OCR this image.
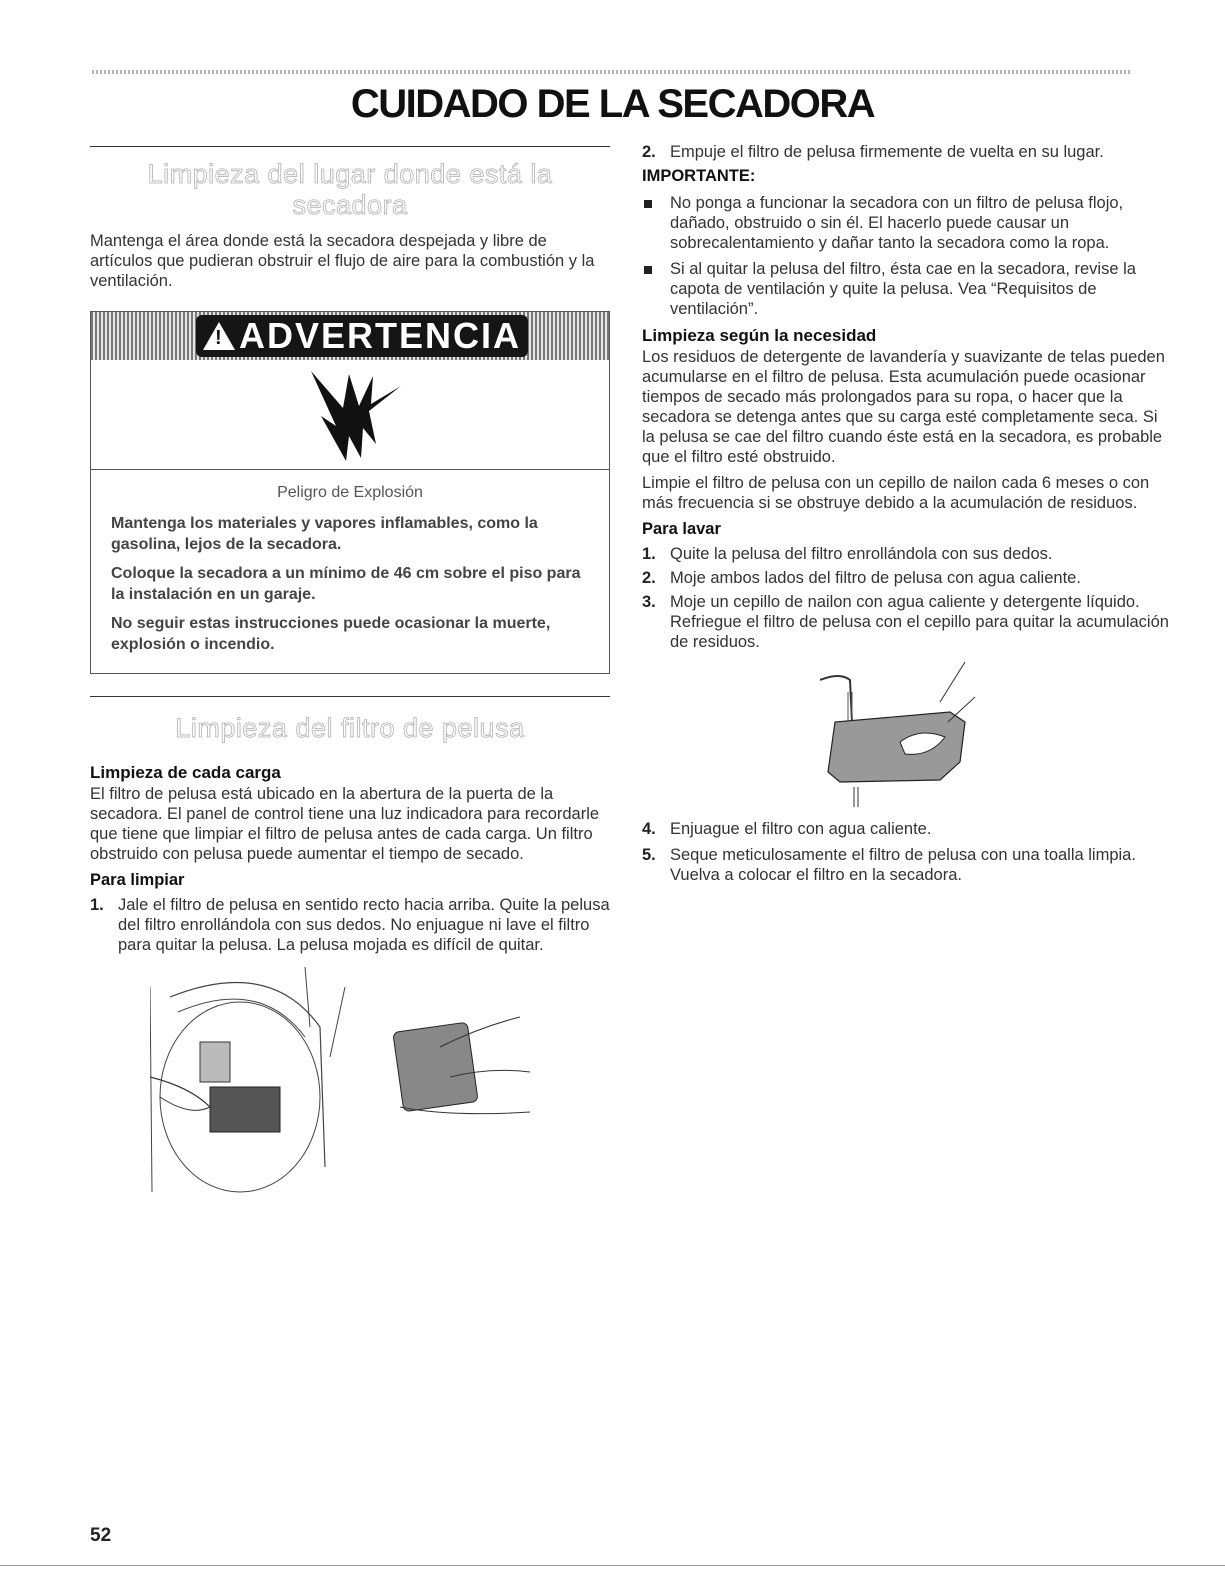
CUIDADO DE LA SECADORA
Limpieza del lugar donde está la secadora

Mantenga el área donde está la secadora despejada y libre de artículos que pudieran obstruir el flujo de aire para la combustión y la ventilación.

!
ADVERTENCIA
Peligro de Explosión

Mantenga los materiales y vapores inflamables, como la gasolina, lejos de la secadora.

Coloque la secadora a un mínimo de 46 cm sobre el piso para la instalación en un garaje.

No seguir estas instrucciones puede ocasionar la muerte, explosión o incendio.

Limpieza del filtro de pelusa
Limpieza de cada carga

El filtro de pelusa está ubicado en la abertura de la puerta de la secadora. El panel de control tiene una luz indicadora para recordarle que tiene que limpiar el filtro de pelusa antes de cada carga. Un filtro obstruido con pelusa puede aumentar el tiempo de secado.

Para limpiar
1. Jale el filtro de pelusa en sentido recto hacia arriba. Quite la pelusa del filtro enrollándola con sus dedos. No enjuague ni lave el filtro para quitar la pelusa. La pelusa mojada es difícil de quitar.
2. Empuje el filtro de pelusa firmemente de vuelta en su lugar.
IMPORTANTE:
No ponga a funcionar la secadora con un filtro de pelusa flojo, dañado, obstruido o sin él. El hacerlo puede causar un sobrecalentamiento y dañar tanto la secadora como la ropa.
Si al quitar la pelusa del filtro, ésta cae en la secadora, revise la capota de ventilación y quite la pelusa. Vea “Requisitos de ventilación”.
Limpieza según la necesidad

Los residuos de detergente de lavandería y suavizante de telas pueden acumularse en el filtro de pelusa. Esta acumulación puede ocasionar tiempos de secado más prolongados para su ropa, o hacer que la secadora se detenga antes que su carga esté completamente seca. Si la pelusa se cae del filtro cuando éste está en la secadora, es probable que el filtro esté obstruido.

Limpie el filtro de pelusa con un cepillo de nailon cada 6 meses o con más frecuencia si se obstruye debido a la acumulación de residuos.

Para lavar
1. Quite la pelusa del filtro enrollándola con sus dedos.
2. Moje ambos lados del filtro de pelusa con agua caliente.
3. Moje un cepillo de nailon con agua caliente y detergente líquido. Refriegue el filtro de pelusa con el cepillo para quitar la acumulación de residuos.
4. Enjuague el filtro con agua caliente.
5. Seque meticulosamente el filtro de pelusa con una toalla limpia. Vuelva a colocar el filtro en la secadora.
52
